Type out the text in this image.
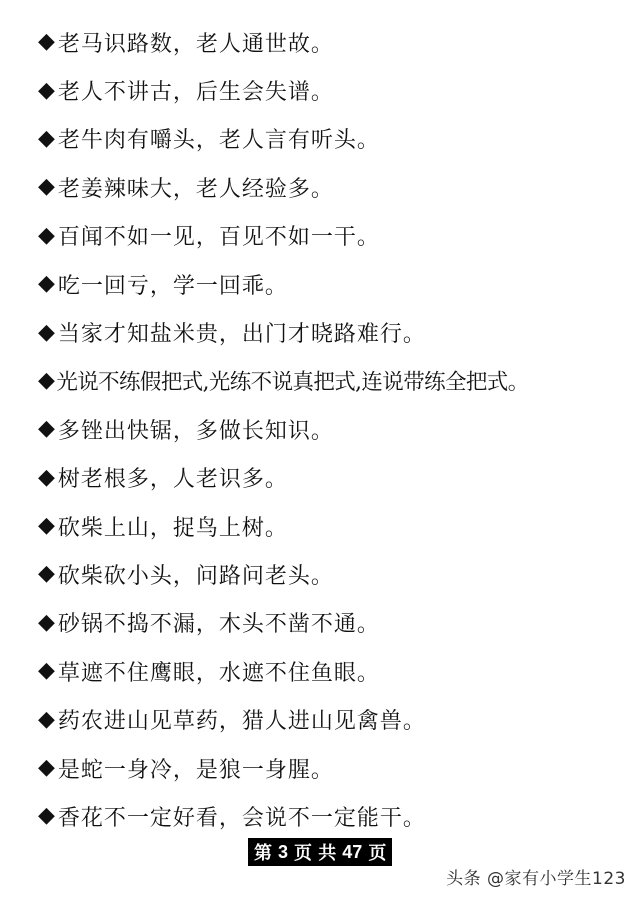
◆ 老马识路数，老人通世故。
◆ 老人不讲古，后生会失谱。
◆ 老牛肉有嚼头，老人言有听头。
◆ 老姜辣味大，老人经验多。
◆ 百闻不如一见，百见不如一干。
◆ 吃一回亏，学一回乖。
◆ 当家才知盐米贵，出门才晓路难行。
◆ 光说不练假把式,光练不说真把式,连说带练全把式。
◆ 多锉出快锯，多做长知识。
◆ 树老根多，人老识多。
◆ 砍柴上山，捉鸟上树。
◆ 砍柴砍小头，问路问老头。
◆ 砂锅不捣不漏，木头不凿不通。
◆ 草遮不住鹰眼，水遮不住鱼眼。
◆ 药农进山见草药，猎人进山见禽兽。
◆ 是蛇一身冷，是狼一身腥。
◆ 香花不一定好看，会说不一定能干。
第 3 页 共 47 页
头条 @家有小学生123
